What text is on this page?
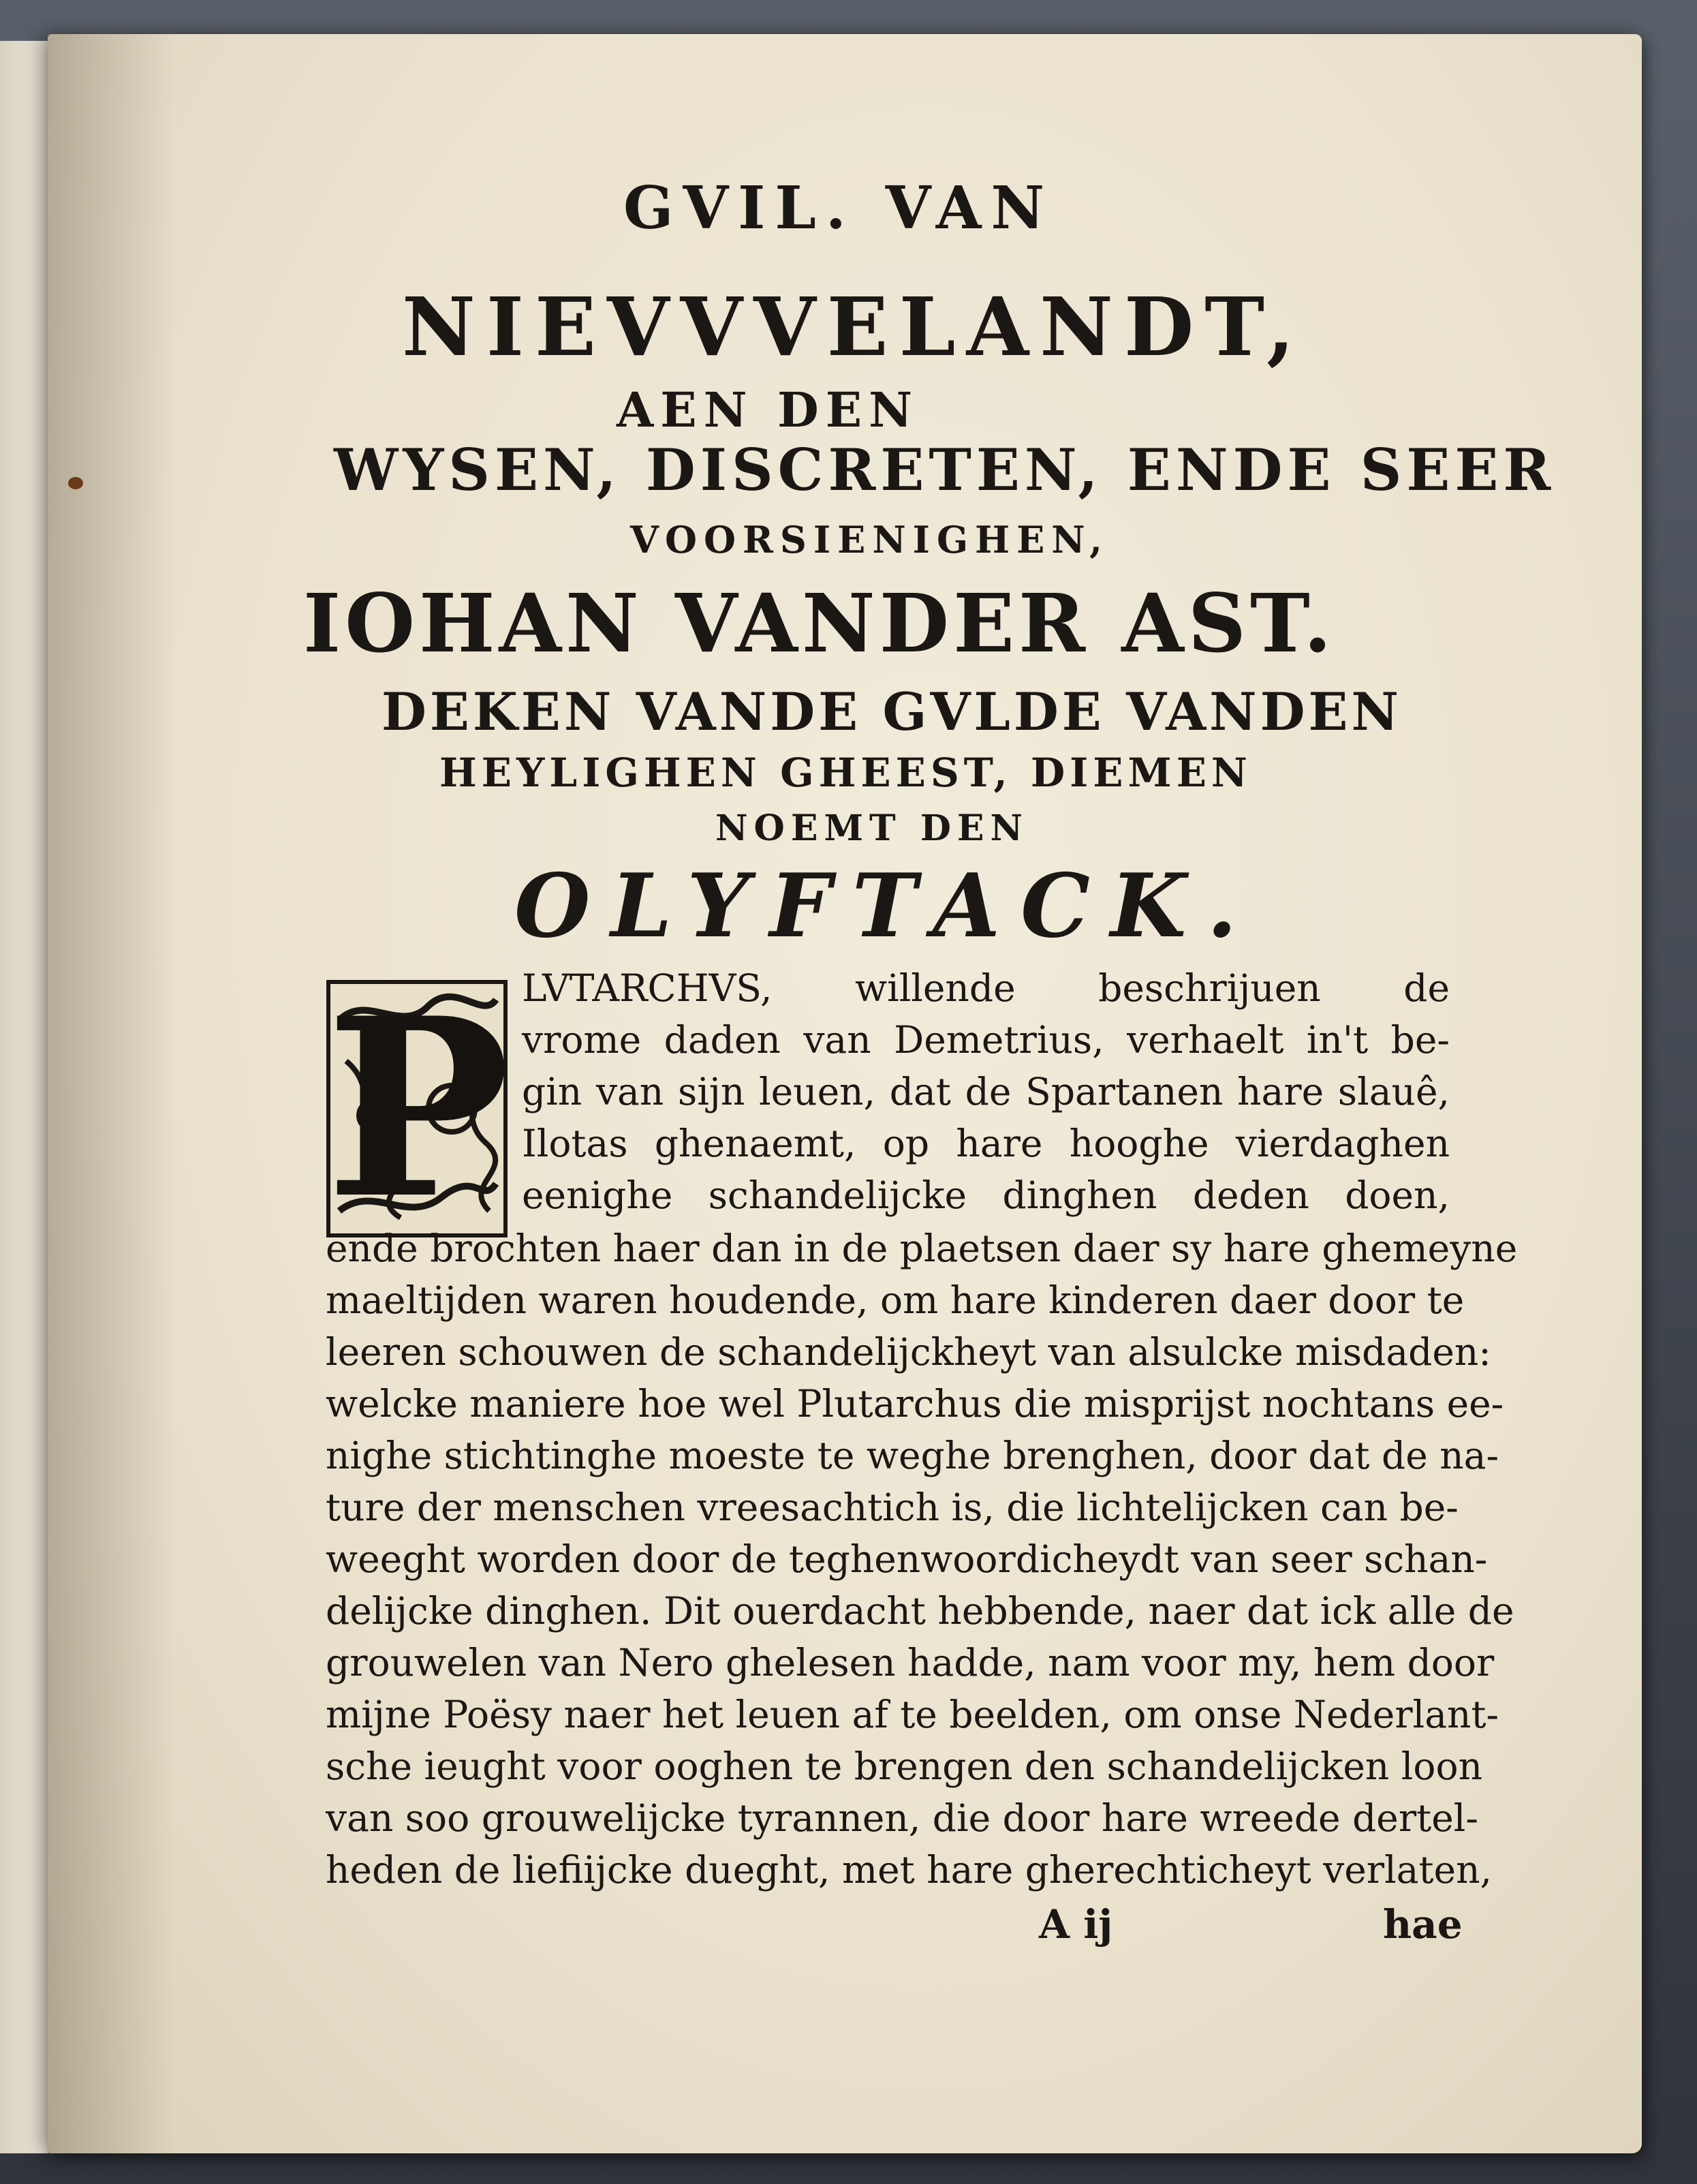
GVIL. VAN
NIEVVVELANDT,
AEN DEN
WYSEN, DISCRETEN, ENDE SEER
VOORSIENIGHEN,
IOHAN VANDER AST.
DEKEN VANDE GVLDE VANDEN
HEYLIGHEN GHEEST, DIEMEN
NOEMT DEN
OLYFTACK.
P LVTARCHVS, willende beschrijuen de
vrome daden van Demetrius, verhaelt in't be-
gin van sijn leuen, dat de Spartanen hare slauê,
Ilotas ghenaemt, op hare hooghe vierdaghen
eenighe schandelijcke dinghen deden doen,
ende brochten haer dan in de plaetsen daer sy hare ghemeyne
maeltijden waren houdende, om hare kinderen daer door te
leeren schouwen de schandelijckheyt van alsulcke misdaden:
welcke maniere hoe wel Plutarchus die misprijst nochtans ee-
nighe stichtinghe moeste te weghe brenghen, door dat de na-
ture der menschen vreesachtich is, die lichtelijcken can be-
weeght worden door de teghenwoordicheydt van seer schan-
delijcke dinghen. Dit ouerdacht hebbende, naer dat ick alle de
grouwelen van Nero ghelesen hadde, nam voor my, hem door
mijne Poësy naer het leuen af te beelden, om onse Nederlant-
sche ieught voor ooghen te brengen den schandelijcken loon
van soo grouwelijcke tyrannen, die door hare wreede dertel-
heden de liefiijcke dueght, met hare gherechticheyt verlaten,
A ij	hae
